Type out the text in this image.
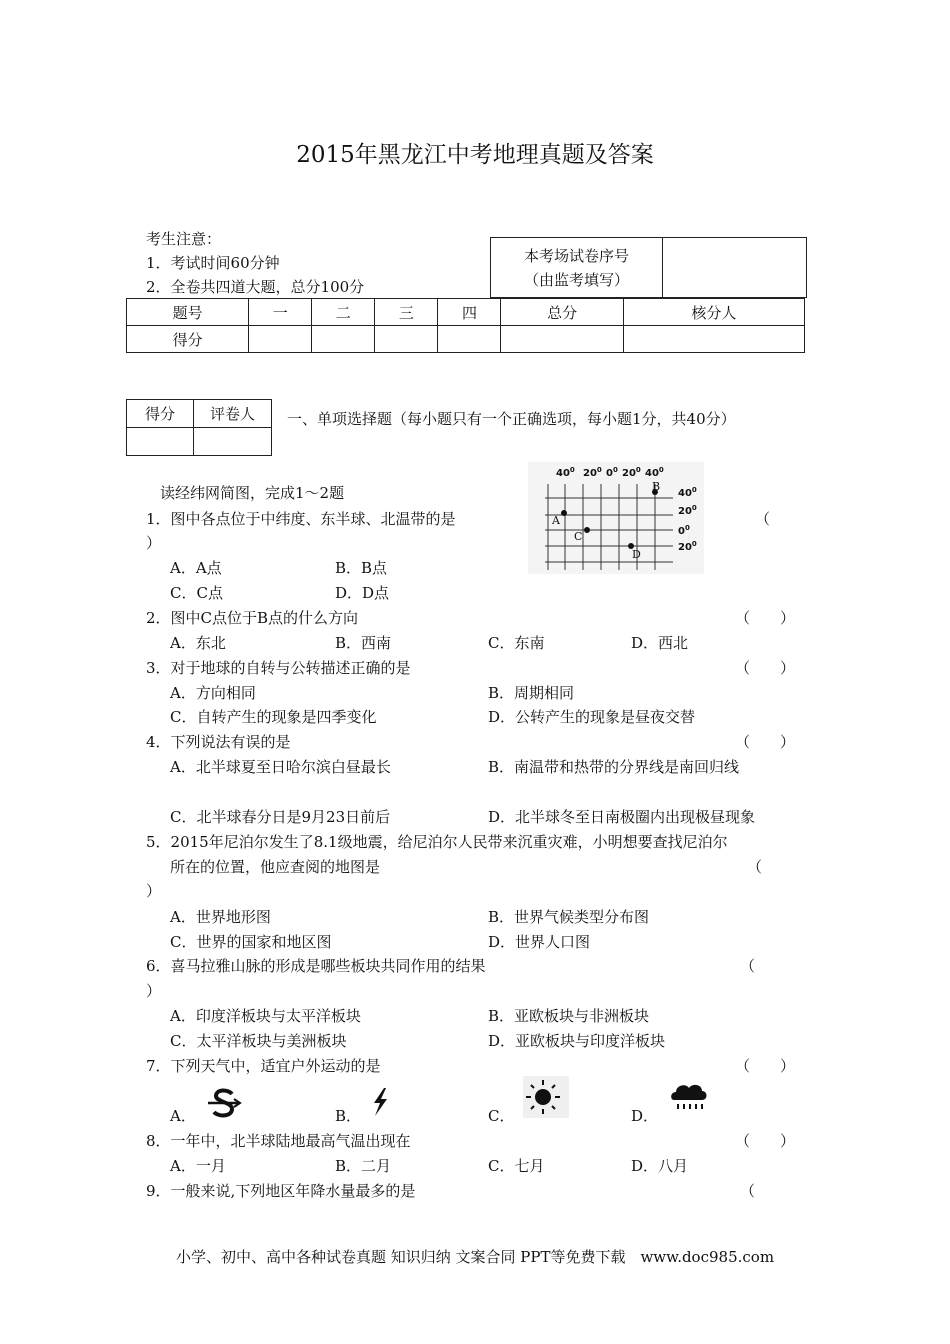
2015年黑龙江中考地理真题及答案
考生注意：
1．考试时间60分钟
2．全卷共四道大题，总分100分
本考场试卷序号
（由监考填写）

题号	一	二	三	四	总分	核分人
得分						
得分	评卷人
	一、单项选择题（每小题只有一个正确选项，每小题1分，共40分）
读经纬网简图，完成1～2题
$40^0$ $20^0$ $0^0$ $20^0$ $40^0$
$40^0$
$20^0$
$0^0$
$20^0$
A
B
C
D
1．图中各点位于中纬度、东半球、北温带的是	（
）
A．A点	B．B点
C．C点	D．D点
2．图中C点位于B点的什么方向	（　　）
A．东北	B．西南	C．东南	D．西北
3．对于地球的自转与公转描述正确的是	（　　）
A．方向相同	B．周期相同
C．自转产生的现象是四季变化	D．公转产生的现象是昼夜交替
4．下列说法有误的是	（　　）
A．北半球夏至日哈尔滨白昼最长	B．南温带和热带的分界线是南回归线
C．北半球春分日是9月23日前后	D．北半球冬至日南极圈内出现极昼现象
5．2015年尼泊尔发生了8.1级地震，给尼泊尔人民带来沉重灾难，小明想要查找尼泊尔
所在的位置，他应查阅的地图是	（
）
A．世界地形图	B．世界气候类型分布图
C．世界的国家和地区图	D．世界人口图
6．喜马拉雅山脉的形成是哪些板块共同作用的结果	（
）
A．印度洋板块与太平洋板块	B．亚欧板块与非洲板块
C．太平洋板块与美洲板块	D．亚欧板块与印度洋板块
7．下列天气中，适宜户外运动的是	（　　）
A．	B．	C．	D．
8．一年中，北半球陆地最高气温出现在	（　　）
A．一月	B．二月	C．七月	D．八月
9．一般来说,下列地区年降水量最多的是	（
小学、初中、高中各种试卷真题 知识归纳 文案合同 PPT等免费下载　www.doc985.com
